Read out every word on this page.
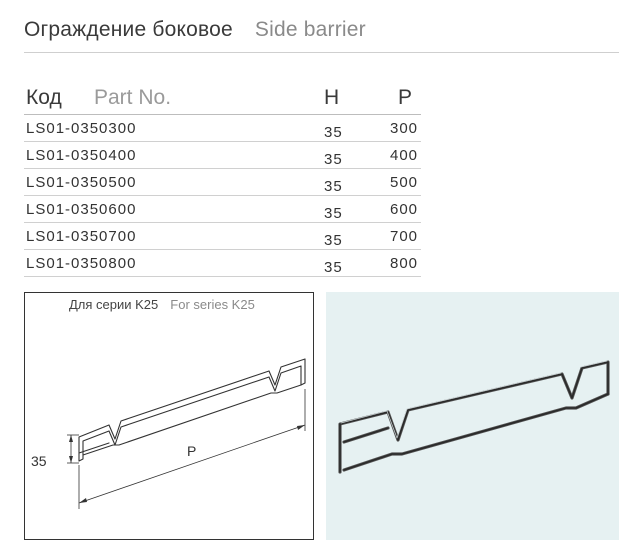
Ограждение боковое Side barrier
Код Part No.	H	P
LS01-0350300	35	300
LS01-0350400	35	400
LS01-0350500	35	500
LS01-0350600	35	600
LS01-0350700	35	700
LS01-0350800	35	800
Для серии K25 For series K25
35
P
